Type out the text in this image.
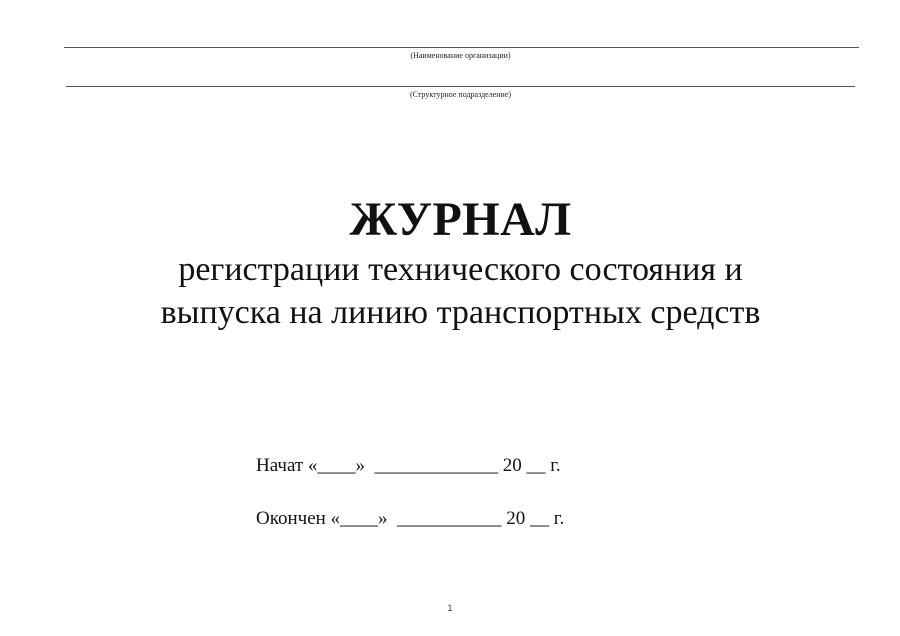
(Наименование организации)
(Структурное подразделение)
ЖУРНАЛ
регистрации технического состояния и
выпуска на линию транспортных средств
Начат «____»  _____________ 20 __ г.
Окончен «____»  ___________ 20 __ г.
1
